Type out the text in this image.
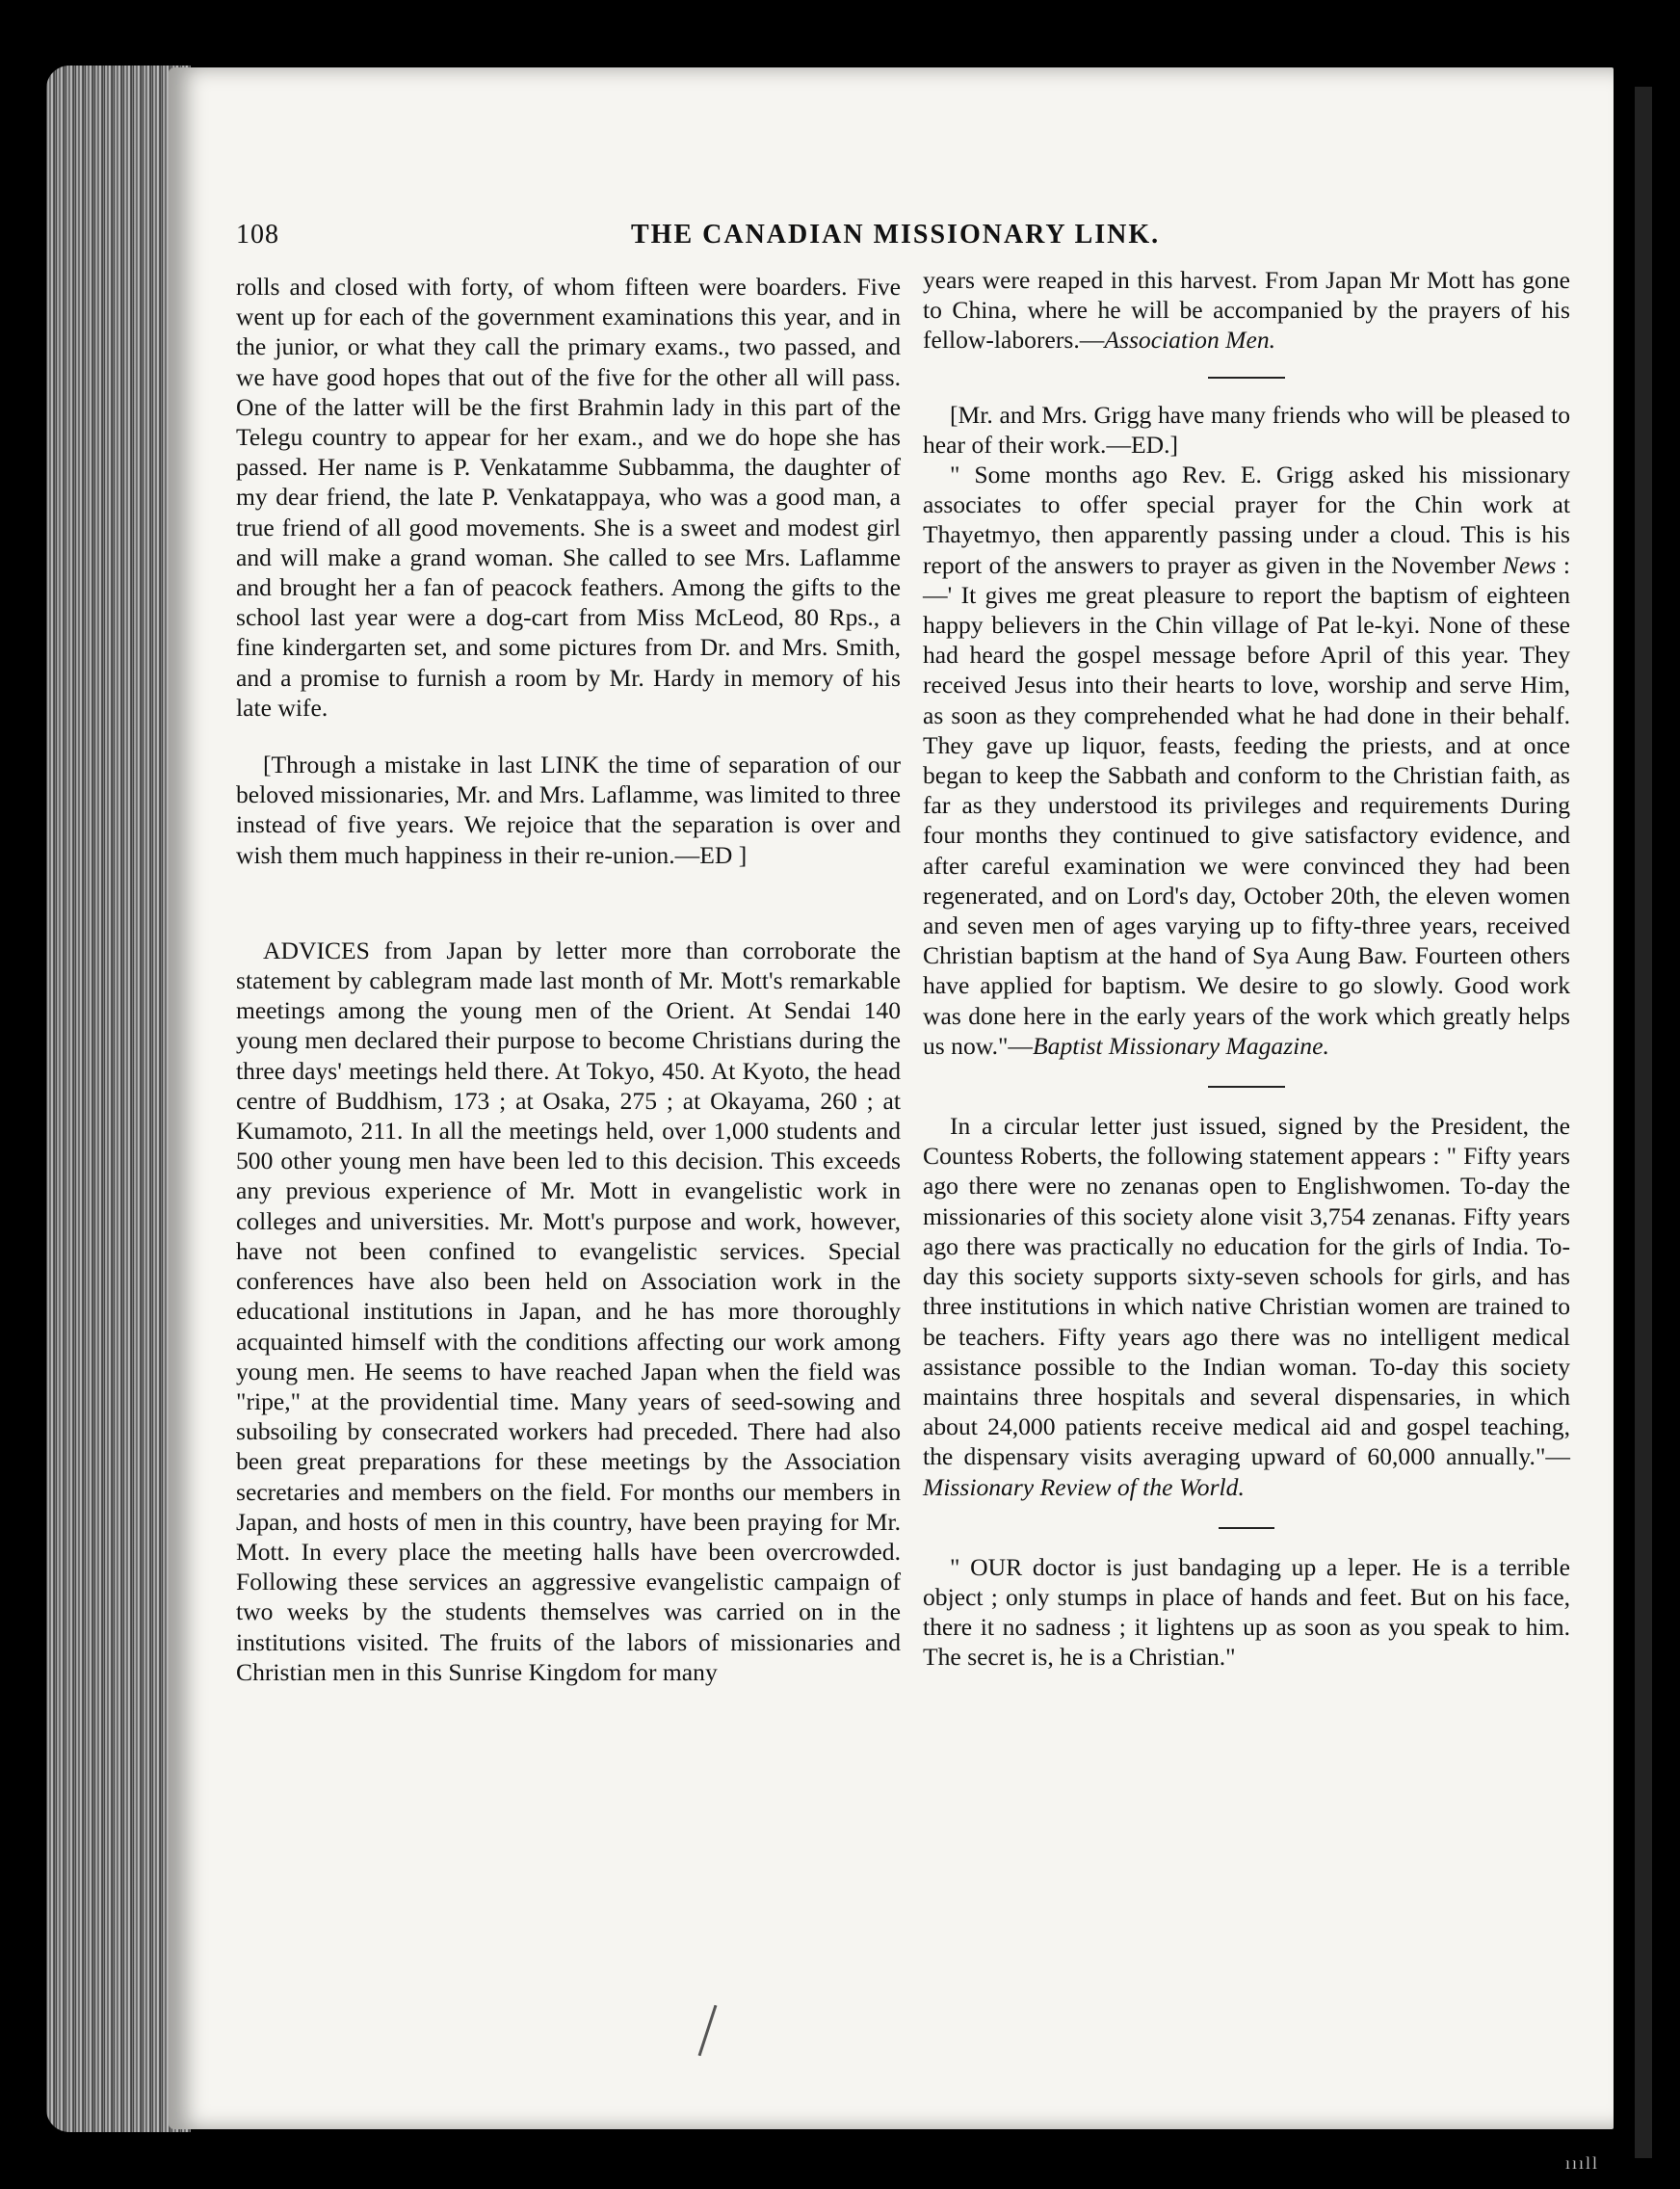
108	THE CANADIAN MISSIONARY LINK.

rolls and closed with forty, of whom fifteen were boarders. Five went up for each of the government examinations this year, and in the junior, or what they call the primary exams., two passed, and we have good hopes that out of the five for the other all will pass. One of the latter will be the first Brahmin lady in this part of the Telegu country to appear for her exam., and we do hope she has passed. Her name is P. Venkatamme Subbamma, the daughter of my dear friend, the late P. Venkatappaya, who was a good man, a true friend of all good movements. She is a sweet and modest girl and will make a grand woman. She called to see Mrs. Laflamme and brought her a fan of peacock feathers. Among the gifts to the school last year were a dog-cart from Miss McLeod, 80 Rps., a fine kindergarten set, and some pictures from Dr. and Mrs. Smith, and a promise to furnish a room by Mr. Hardy in memory of his late wife.

[Through a mistake in last LINK the time of separation of our beloved missionaries, Mr. and Mrs. Laflamme, was limited to three instead of five years. We rejoice that the separation is over and wish them much happiness in their re-union.—ED ]

ADVICES from Japan by letter more than corroborate the statement by cablegram made last month of Mr. Mott's remarkable meetings among the young men of the Orient. At Sendai 140 young men declared their purpose to become Christians during the three days' meetings held there. At Tokyo, 450. At Kyoto, the head centre of Buddhism, 173 ; at Osaka, 275 ; at Okayama, 260 ; at Kumamoto, 211. In all the meetings held, over 1,000 students and 500 other young men have been led to this decision. This exceeds any previous experience of Mr. Mott in evangelistic work in colleges and universities. Mr. Mott's purpose and work, however, have not been confined to evangelistic services. Special conferences have also been held on Association work in the educational institutions in Japan, and he has more thoroughly acquainted himself with the conditions affecting our work among young men. He seems to have reached Japan when the field was "ripe," at the providential time. Many years of seed-sowing and subsoiling by consecrated workers had preceded. There had also been great preparations for these meetings by the Association secretaries and members on the field. For months our members in Japan, and hosts of men in this country, have been praying for Mr. Mott. In every place the meeting halls have been overcrowded. Following these services an aggressive evangelistic campaign of two weeks by the students themselves was carried on in the institutions visited. The fruits of the labors of missionaries and Christian men in this Sunrise Kingdom for many

years were reaped in this harvest. From Japan Mr Mott has gone to China, where he will be accompanied by the prayers of his fellow-laborers.—Association Men.

[Mr. and Mrs. Grigg have many friends who will be pleased to hear of their work.—ED.]

" Some months ago Rev. E. Grigg asked his missionary associates to offer special prayer for the Chin work at Thayetmyo, then apparently passing under a cloud. This is his report of the answers to prayer as given in the November News :—' It gives me great pleasure to report the baptism of eighteen happy believers in the Chin village of Pat le-kyi. None of these had heard the gospel message before April of this year. They received Jesus into their hearts to love, worship and serve Him, as soon as they comprehended what he had done in their behalf. They gave up liquor, feasts, feeding the priests, and at once began to keep the Sabbath and conform to the Christian faith, as far as they understood its privileges and requirements During four months they continued to give satisfactory evidence, and after careful examination we were convinced they had been regenerated, and on Lord's day, October 20th, the eleven women and seven men of ages varying up to fifty-three years, received Christian baptism at the hand of Sya Aung Baw. Fourteen others have applied for baptism. We desire to go slowly. Good work was done here in the early years of the work which greatly helps us now."—Baptist Missionary Magazine.

In a circular letter just issued, signed by the President, the Countess Roberts, the following statement appears : " Fifty years ago there were no zenanas open to Englishwomen. To-day the missionaries of this society alone visit 3,754 zenanas. Fifty years ago there was practically no education for the girls of India. To-day this society supports sixty-seven schools for girls, and has three institutions in which native Christian women are trained to be teachers. Fifty years ago there was no intelligent medical assistance possible to the Indian woman. To-day this society maintains three hospitals and several dispensaries, in which about 24,000 patients receive medical aid and gospel teaching, the dispensary visits averaging upward of 60,000 annually."—Missionary Review of the World.

" OUR doctor is just bandaging up a leper. He is a terrible object ; only stumps in place of hands and feet. But on his face, there it no sadness ; it lightens up as soon as you speak to him. The secret is, he is a Christian."

ıııll
